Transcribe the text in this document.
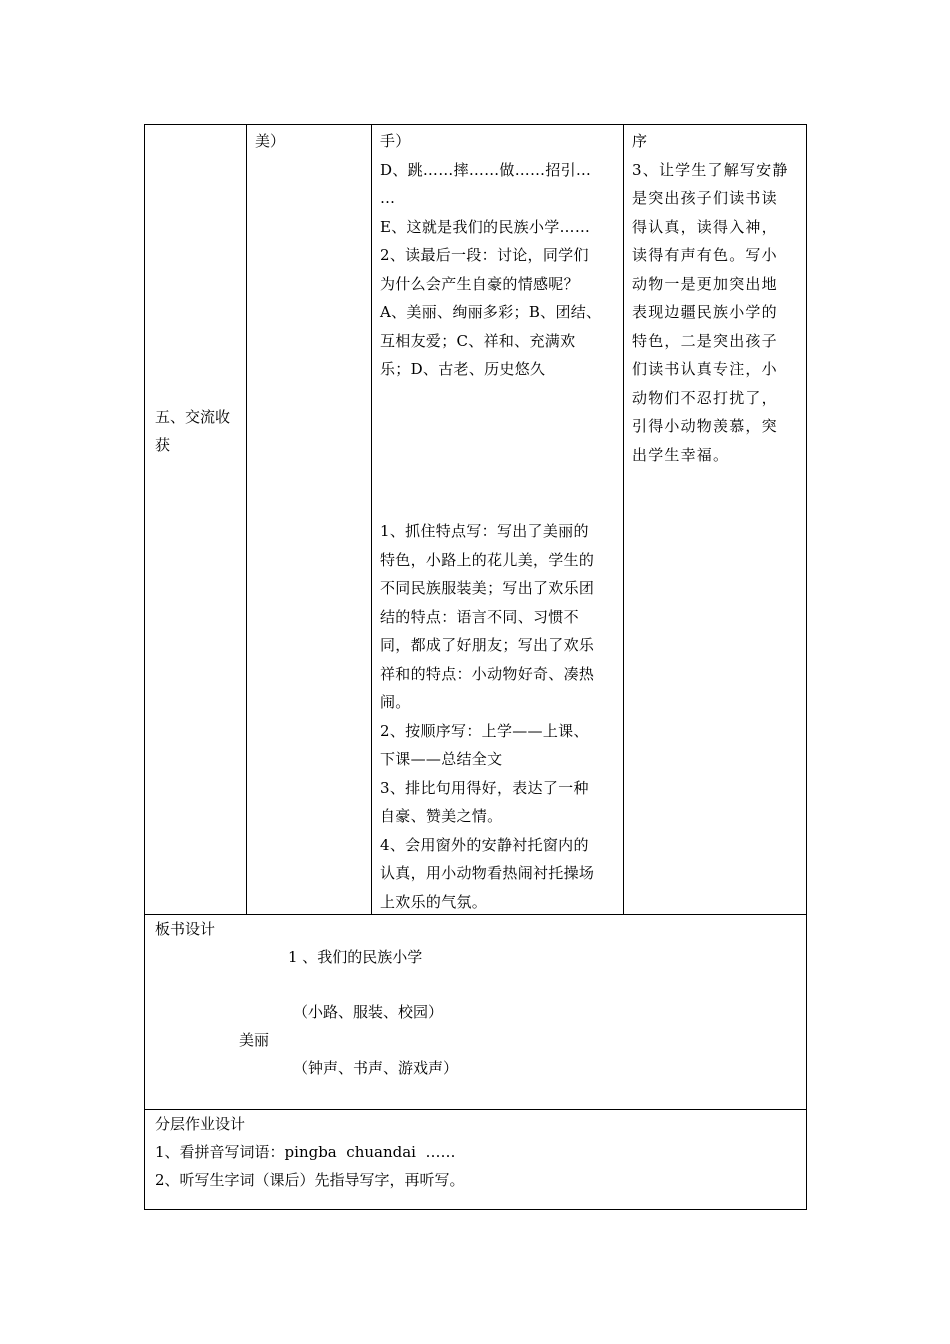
五、交流收

获

美）	手）

D、跳……摔……做……招引…

…

E、这就是我们的民族小学……

2、读最后一段：讨论，同学们

为什么会产生自豪的情感呢？

A、美丽、绚丽多彩；B、团结、

互相友爱；C、祥和、充满欢

乐；D、古老、历史悠久

1、抓住特点写：写出了美丽的

特色，小路上的花儿美，学生的

不同民族服装美；写出了欢乐团

结的特点：语言不同、习惯不

同，都成了好朋友；写出了欢乐

祥和的特点：小动物好奇、凑热

闹。

2、按顺序写：上学——上课、

下课——总结全文

3、排比句用得好，表达了一种

自豪、赞美之情。

4、会用窗外的安静衬托窗内的

认真，用小动物看热闹衬托操场

上欢乐的气氛。

序

3、让学生了解写安静

是突出孩子们读书读

得认真，读得入神，

读得有声有色。写小

动物一是更加突出地

表现边疆民族小学的

特色，二是突出孩子

们读书认真专注，小

动物们不忍打扰了，

引得小动物羡慕，突

出学生幸福。

板书设计
1 、我们的民族小学
（小路、服装、校园）
美丽
（钟声、书声、游戏声）
分层作业设计
1、看拼音写词语：pingba  chuandai  ……
2、听写生字词（课后）先指导写字，再听写。
